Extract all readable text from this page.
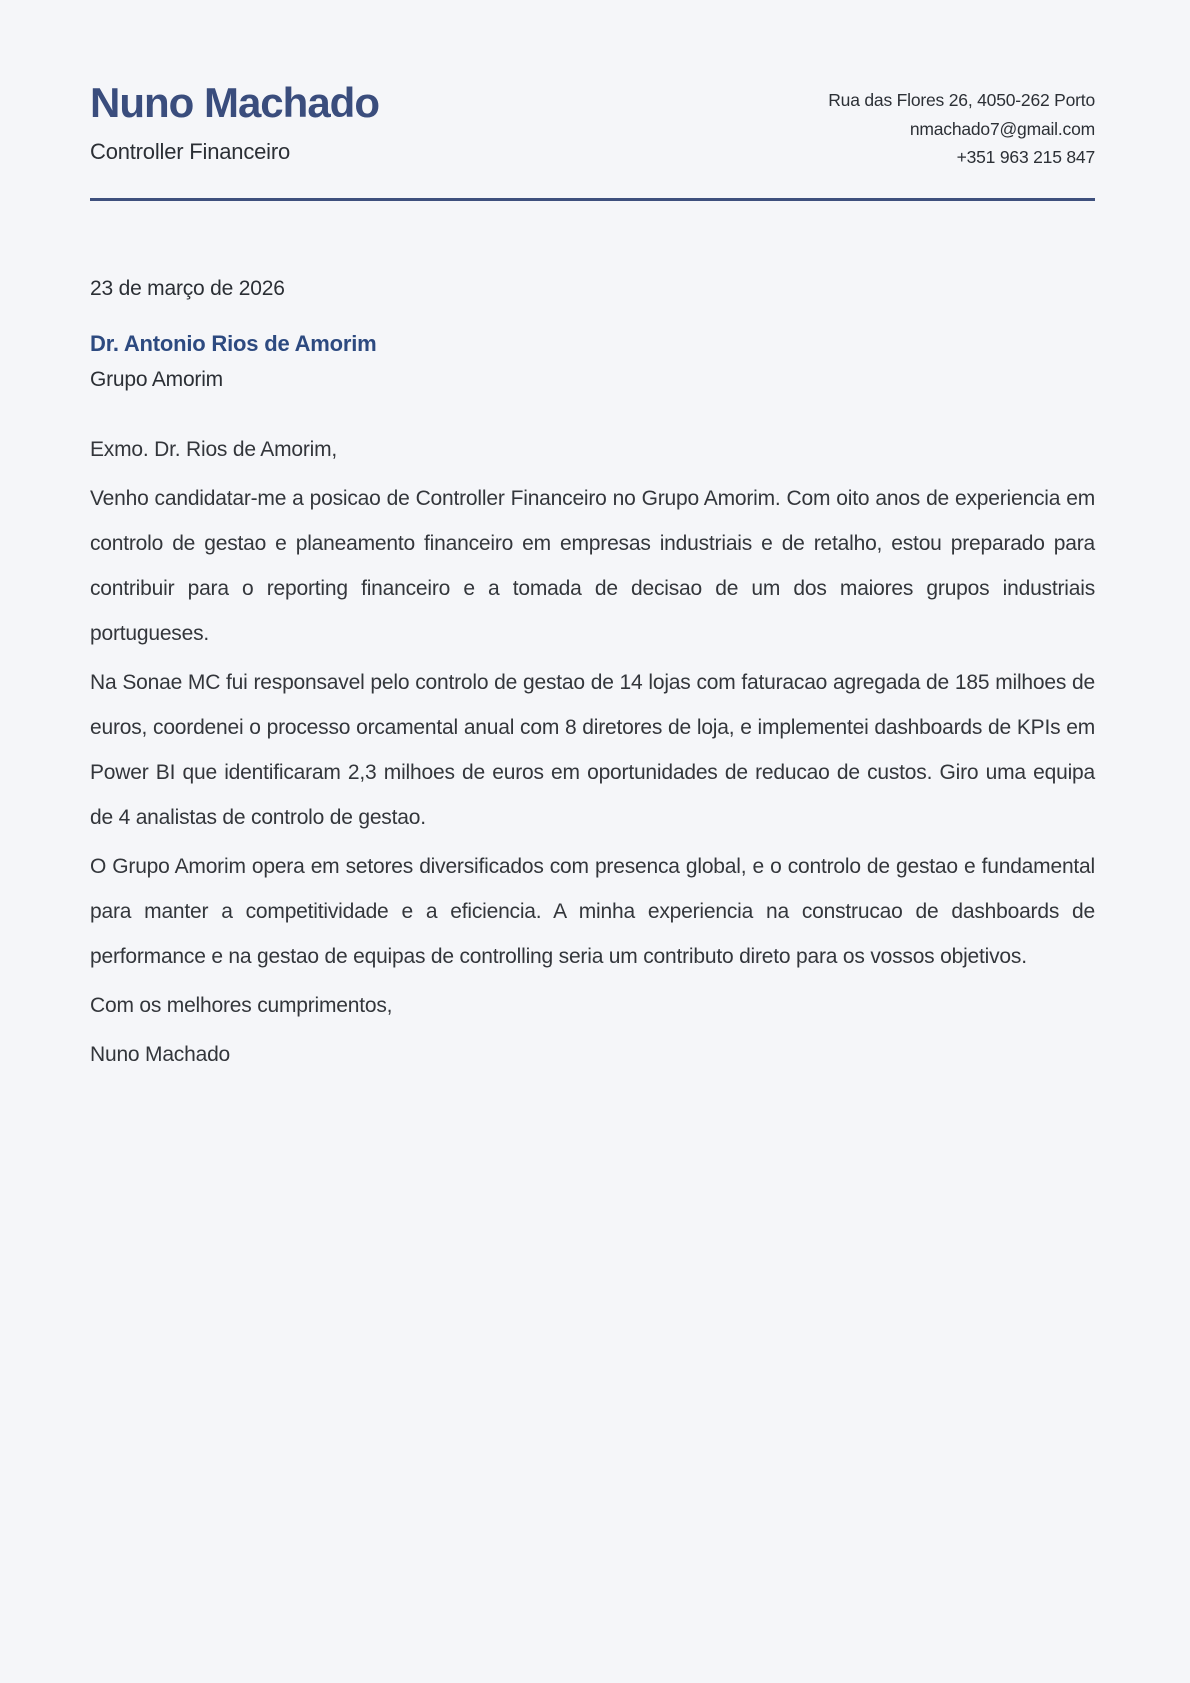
Nuno Machado
Controller Financeiro
Rua das Flores 26, 4050-262 Porto
nmachado7@gmail.com
+351 963 215 847
23 de março de 2026
Dr. Antonio Rios de Amorim
Grupo Amorim

Exmo. Dr. Rios de Amorim,

Venho candidatar-me a posicao de Controller Financeiro no Grupo Amorim. Com oito anos de experiencia em controlo de gestao e planeamento financeiro em empresas industriais e de retalho, estou preparado para contribuir para o reporting financeiro e a tomada de decisao de um dos maiores grupos industriais portugueses.

Na Sonae MC fui responsavel pelo controlo de gestao de 14 lojas com faturacao agregada de 185 milhoes de euros, coordenei o processo orcamental anual com 8 diretores de loja, e implementei dashboards de KPIs em Power BI que identificaram 2,3 milhoes de euros em oportunidades de reducao de custos. Giro uma equipa de 4 analistas de controlo de gestao.

O Grupo Amorim opera em setores diversificados com presenca global, e o controlo de gestao e fundamental para manter a competitividade e a eficiencia. A minha experiencia na construcao de dashboards de performance e na gestao de equipas de controlling seria um contributo direto para os vossos objetivos.

Com os melhores cumprimentos,

Nuno Machado
